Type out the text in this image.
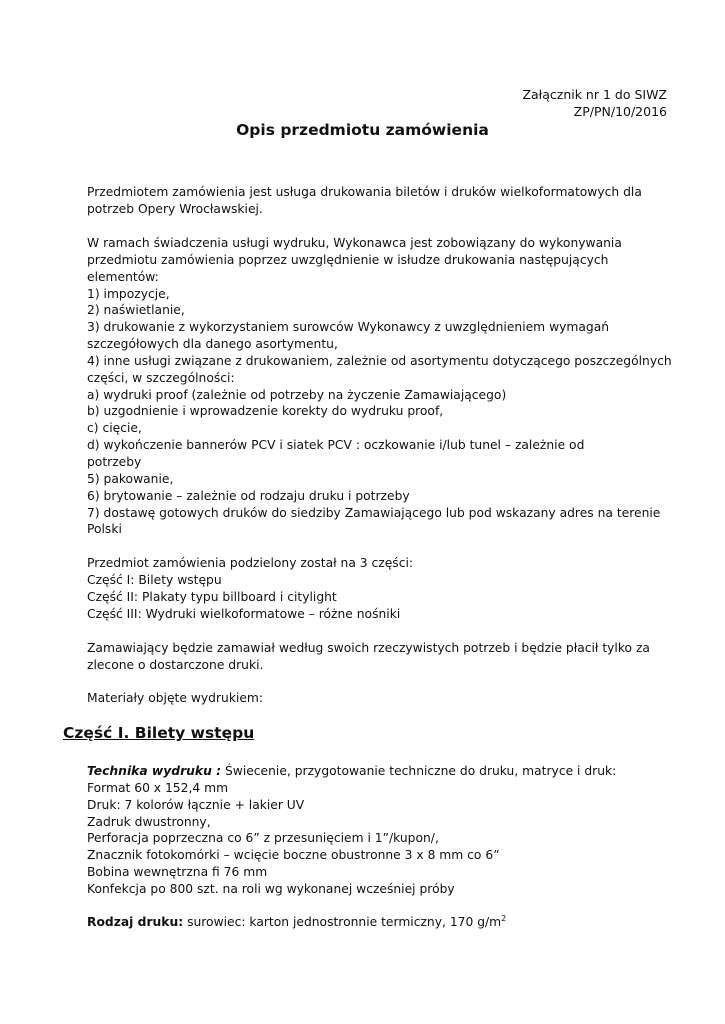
Załącznik nr 1 do SIWZ
ZP/PN/10/2016
Opis przedmiotu zamówienia

Przedmiotem zamówienia jest usługa drukowania biletów i druków wielkoformatowych dla

potrzeb Opery Wrocławskiej.

W ramach świadczenia usługi wydruku, Wykonawca jest zobowiązany do wykonywania

przedmiotu zamówienia poprzez uwzględnienie w isłudze drukowania następujących

elementów:

1) impozycje,

2) naświetlanie,

3) drukowanie z wykorzystaniem surowców Wykonawcy z uwzględnieniem wymagań

szczegółowych dla danego asortymentu,

4) inne usługi związane z drukowaniem, zależnie od asortymentu dotyczącego poszczególnych

części, w szczególności:

a) wydruki proof (zależnie od potrzeby na życzenie Zamawiającego)

b) uzgodnienie i wprowadzenie korekty do wydruku proof,

c) cięcie,

d) wykończenie bannerów PCV i siatek PCV : oczkowanie i/lub tunel – zależnie od

potrzeby

5) pakowanie,

6) brytowanie – zależnie od rodzaju druku i potrzeby

7) dostawę gotowych druków do siedziby Zamawiającego lub pod wskazany adres na terenie

Polski

Przedmiot zamówienia podzielony został na 3 części:

Część I: Bilety wstępu

Część II: Plakaty typu billboard i citylight

Część III: Wydruki wielkoformatowe – różne nośniki

Zamawiający będzie zamawiał według swoich rzeczywistych potrzeb i będzie płacił tylko za

zlecone o dostarczone druki.

Materiały objęte wydrukiem:

Część I. Bilety wstępu

Technika wydruku : Świecenie, przygotowanie techniczne do druku, matryce i druk:

Format 60 x 152,4 mm

Druk: 7 kolorów łącznie + lakier UV

Zadruk dwustronny,

Perforacja poprzeczna co 6” z przesunięciem i 1”/kupon/,

Znacznik fotokomórki – wcięcie boczne obustronne 3 x 8 mm co 6”

Bobina wewnętrzna fi 76 mm

Konfekcja po 800 szt. na roli wg wykonanej wcześniej próby

Rodzaj druku: surowiec: karton jednostronnie termiczny, 170 $g/m^2$
